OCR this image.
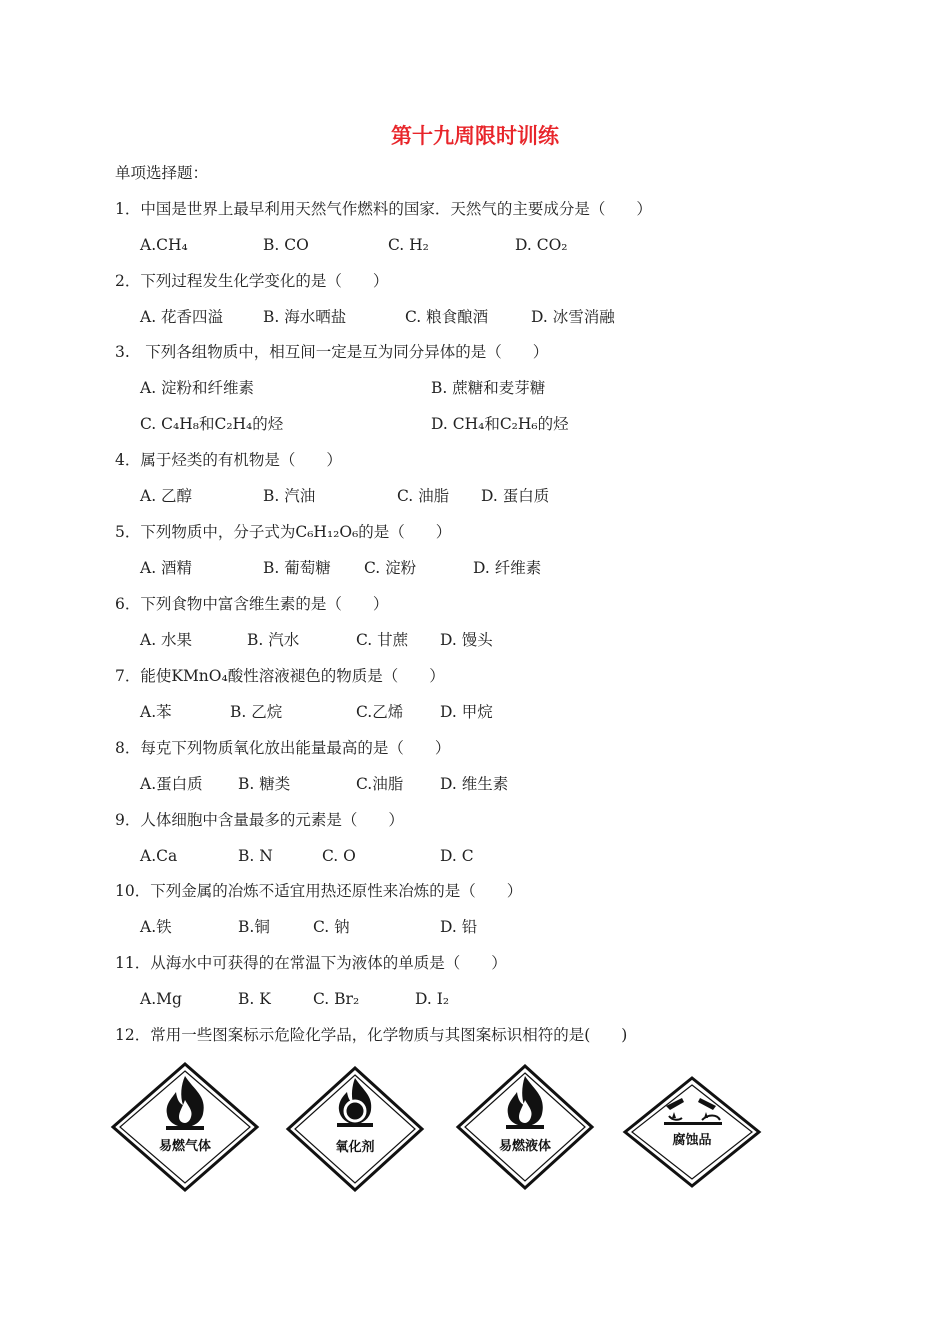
第十九周限时训练
单项选择题：
1．中国是世界上最早利用天然气作燃料的国家．天然气的主要成分是（　　）
A.CH₄	B. CO	C. H₂	D. CO₂
2．下列过程发生化学变化的是（　　）
A. 花香四溢	B. 海水晒盐	C. 粮食酿酒	D. 冰雪消融
3.　下列各组物质中，相互间一定是互为同分异体的是（　　）
A. 淀粉和纤维素	B. 蔗糖和麦芽糖
C. C₄H₈和C₂H₄的烃	D. CH₄和C₂H₆的烃
4．属于烃类的有机物是（　　）
A. 乙醇	B. 汽油	C. 油脂 D. 蛋白质
5．下列物质中，分子式为C₆H₁₂O₆的是（　　）
A. 酒精	B. 葡萄糖 C. 淀粉	D. 纤维素
6．下列食物中富含维生素的是（　　）
A. 水果	B. 汽水	C. 甘蔗 D. 馒头
7．能使KMnO₄酸性溶液褪色的物质是（　　）
A.苯	B. 乙烷	C.乙烯 D. 甲烷
8．每克下列物质氧化放出能量最高的是（　　）
A.蛋白质 B. 糖类	C.油脂 D. 维生素
9．人体细胞中含量最多的元素是（　　）
A.Ca	B. N	C. O	D. C
10．下列金属的冶炼不适宜用热还原性来冶炼的是（　　）
A.铁	B.铜	C. 钠	D. 铅
11．从海水中可获得的在常温下为液体的单质是（　　）
A.Mg	B. K	C. Br₂	D. I₂
12．常用一些图案标示危险化学品，化学物质与其图案标识相符的是(　　)
易燃气体	氧化剂	易燃液体	腐蚀品
